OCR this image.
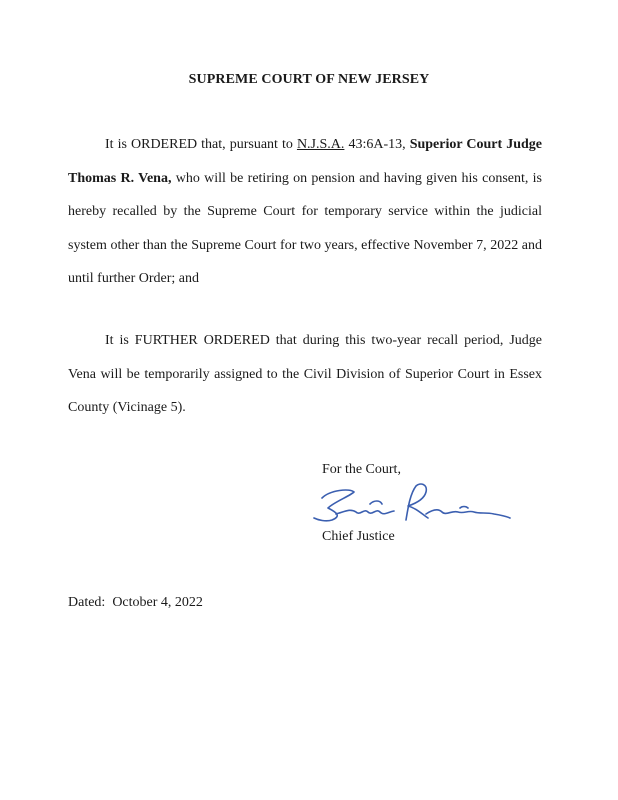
SUPREME COURT OF NEW JERSEY

It is ORDERED that, pursuant to N.J.S.A. 43:6A-13, Superior Court Judge Thomas R. Vena, who will be retiring on pension and having given his consent, is hereby recalled by the Supreme Court for temporary service within the judicial system other than the Supreme Court for two years, effective November 7, 2022 and until further Order; and

It is FURTHER ORDERED that during this two-year recall period, Judge Vena will be temporarily assigned to the Civil Division of Superior Court in Essex County (Vicinage 5).

For the Court,
Chief Justice
Dated:  October 4, 2022
